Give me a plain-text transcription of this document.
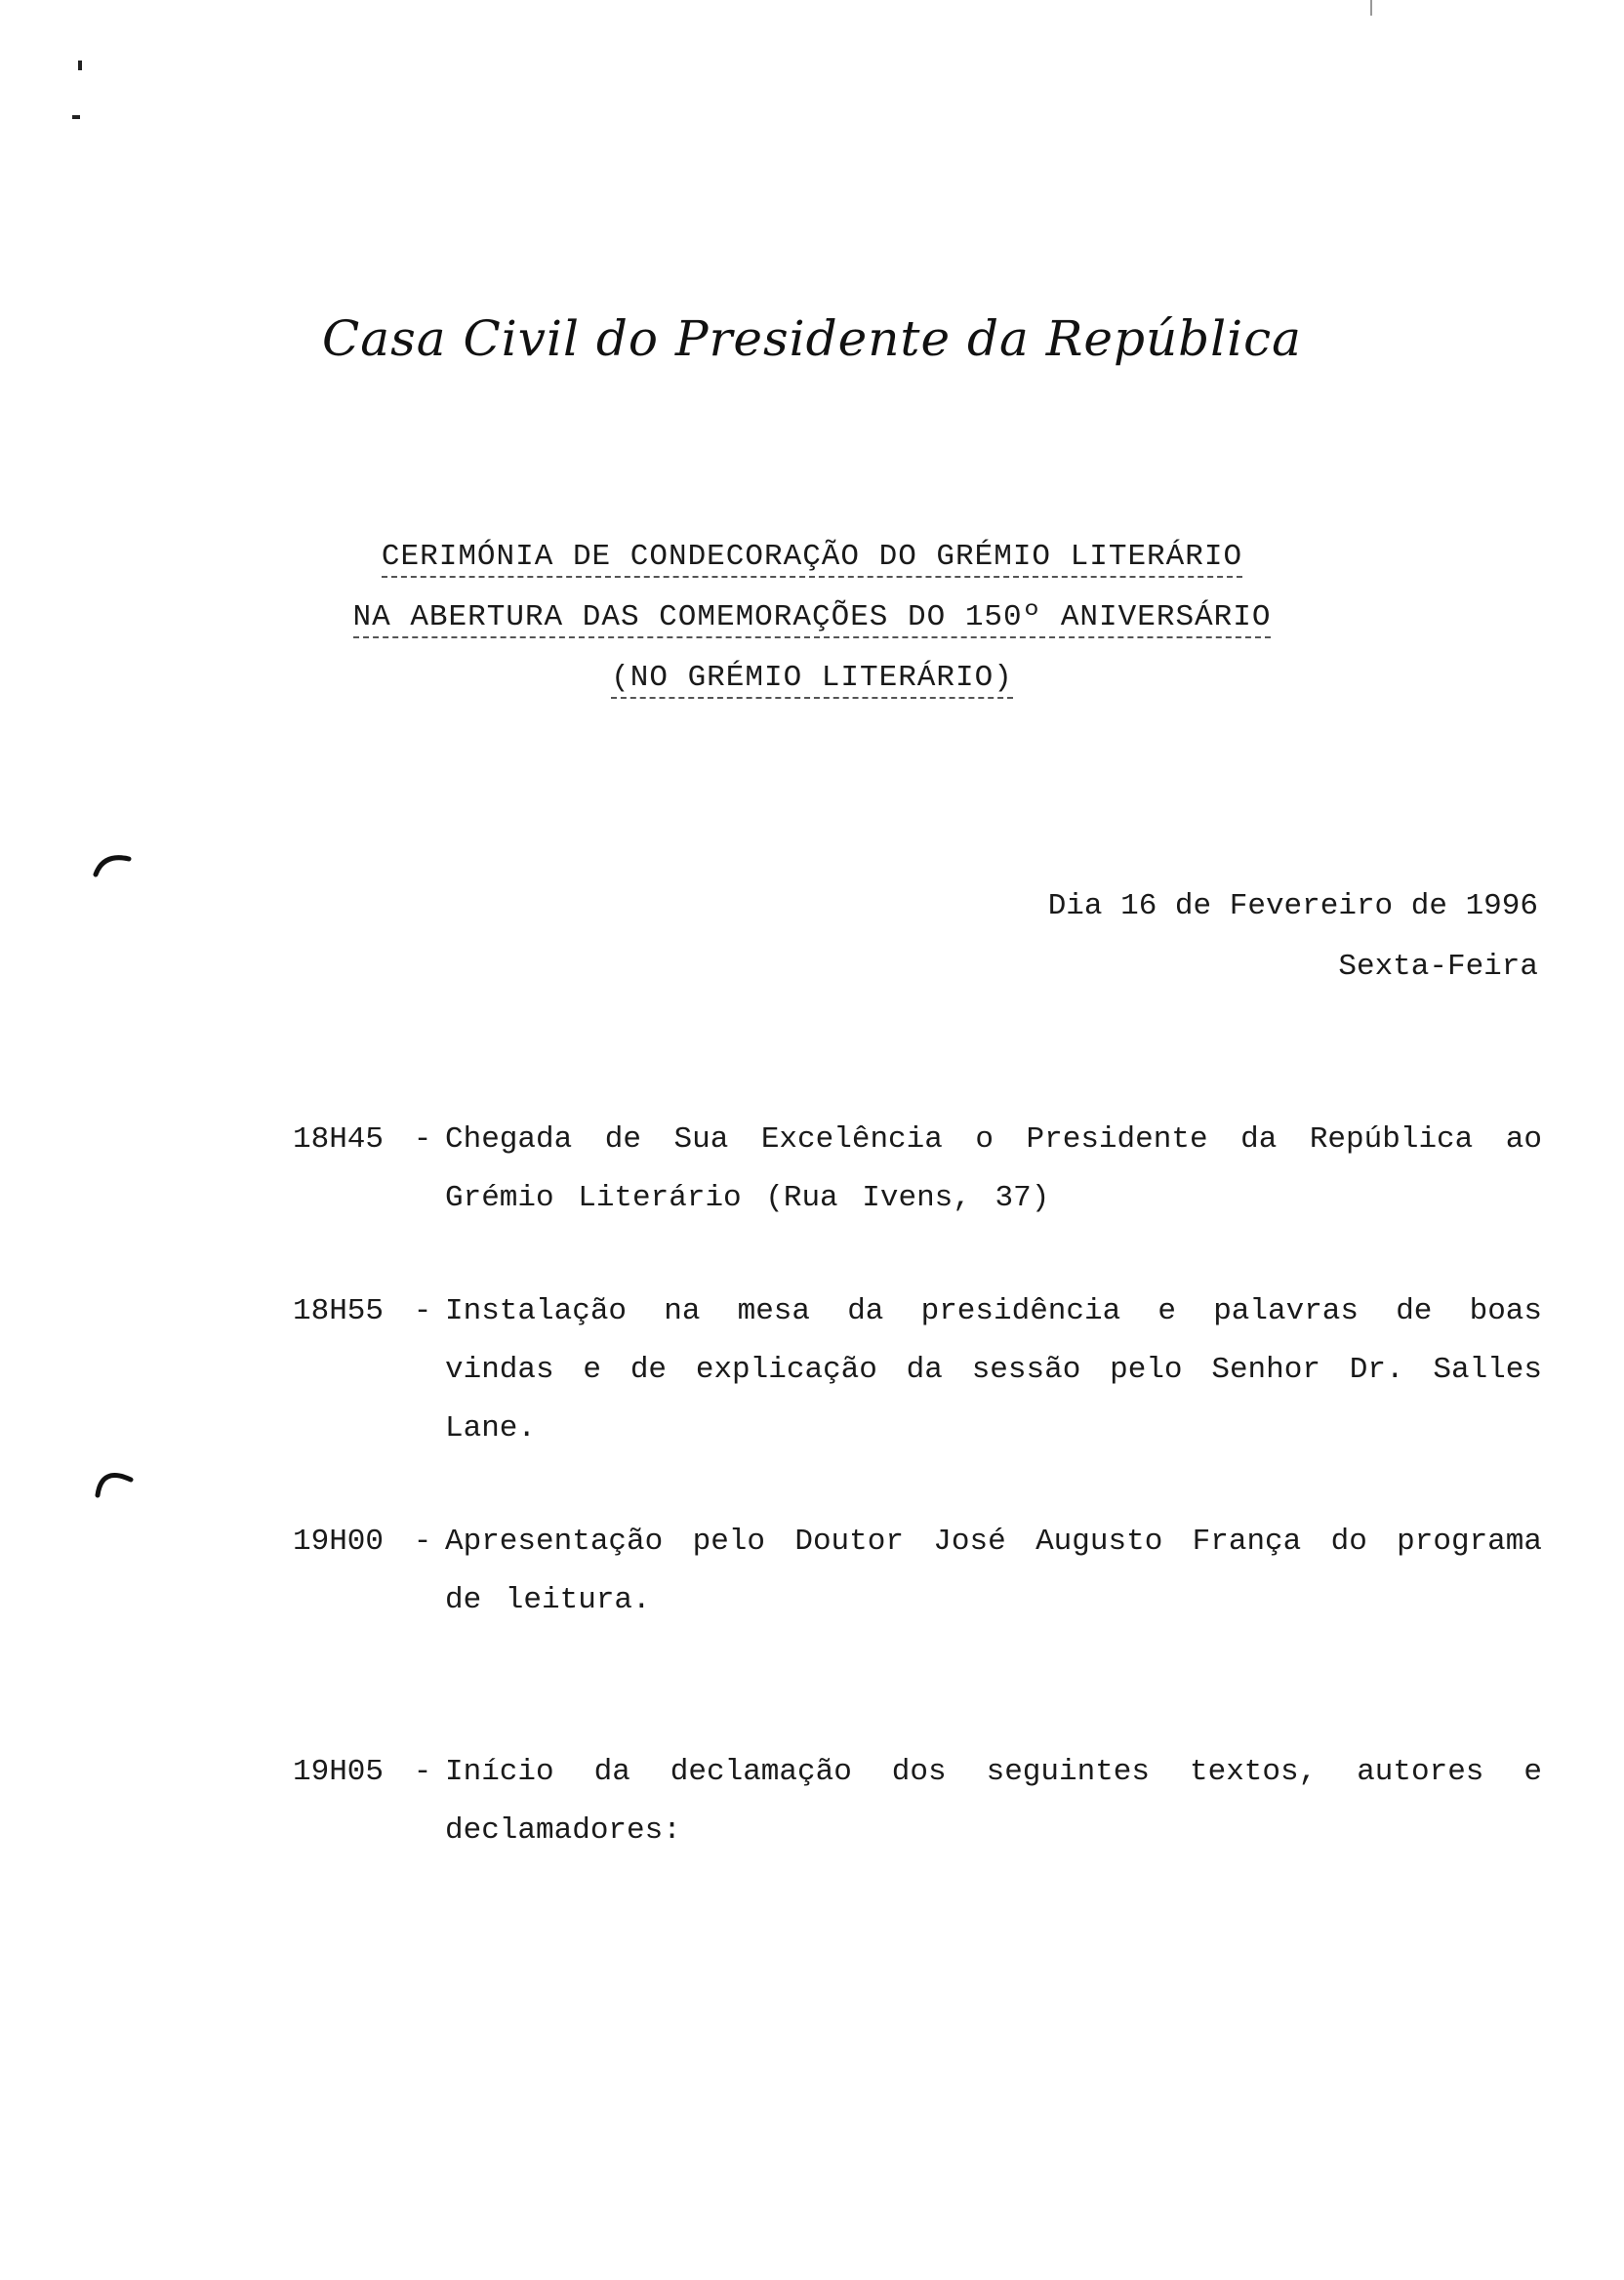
Casa Civil do Presidente da República
CERIMÓNIA DE CONDECORAÇÃO DO GRÉMIO LITERÁRIO
NA ABERTURA DAS COMEMORAÇÕES DO 150º ANIVERSÁRIO
(NO GRÉMIO LITERÁRIO)
Dia 16 de Fevereiro de 1996
Sexta-Feira
18H45 - Chegada de Sua Excelência o Presidente da República ao Grémio Literário (Rua Ivens, 37)
18H55 - Instalação na mesa da presidência e palavras de boas vindas e de explicação da sessão pelo Senhor Dr. Salles Lane.
19H00 - Apresentação pelo Doutor José Augusto França do programa de leitura.
19H05 - Início da declamação dos seguintes textos, autores e declamadores:
